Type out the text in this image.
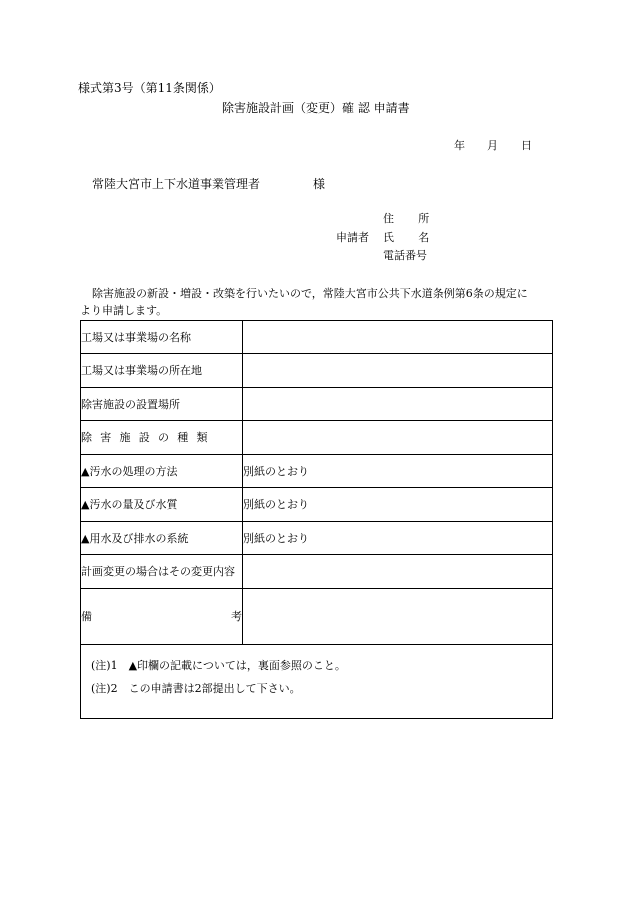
様式第3号（第11条関係）
除害施設計画（変更）確 認 申請書
年 月 日
常陸大宮市上下水道事業管理者	様
住　所
申請者 氏　名
電話番号
除害施設の新設・増設・改築を行いたいので，常陸大宮市公共下水道条例第6条の規定に
より申請します。
工場又は事業場の名称	
工場又は事業場の所在地	
除害施設の設置場所	
除害施設の種類	
▲汚水の処理の方法	別紙のとおり
▲汚水の量及び水質	別紙のとおり
▲用水及び排水の系統	別紙のとおり
計画変更の場合はその変更内容	

備 考	

(注)1　▲印欄の記載については，裏面参照のこと。
(注)2　この申請書は2部提出して下さい。	
